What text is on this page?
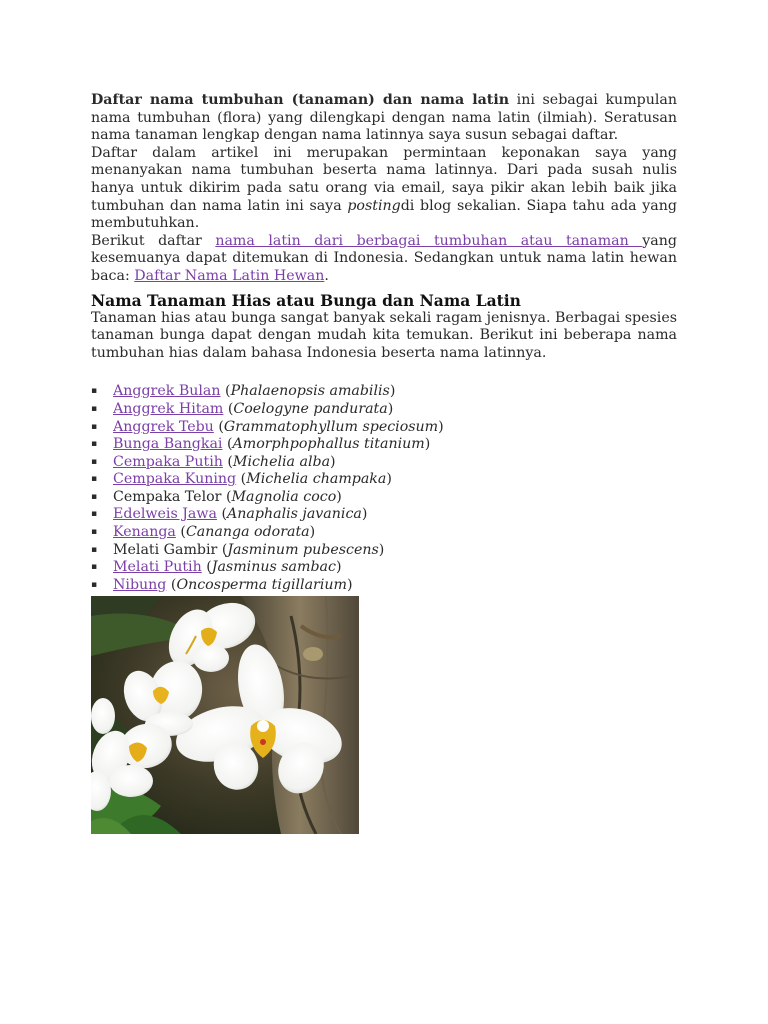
Daftar nama tumbuhan (tanaman) dan nama latin ini sebagai kumpulan nama tumbuhan (flora) yang dilengkapi dengan nama latin (ilmiah). Seratusan nama tanaman lengkap dengan nama latinnya saya susun sebagai daftar.

Daftar dalam artikel ini merupakan permintaan keponakan saya yang menanyakan nama tumbuhan beserta nama latinnya. Dari pada susah nulis hanya untuk dikirim pada satu orang via email, saya pikir akan lebih baik jika tumbuhan dan nama latin ini saya postingdi blog sekalian. Siapa tahu ada yang membutuhkan.

Berikut daftar nama latin dari berbagai tumbuhan atau tanaman yang kesemuanya dapat ditemukan di Indonesia. Sedangkan untuk nama latin hewan baca: Daftar Nama Latin Hewan.

Nama Tanaman Hias atau Bunga dan Nama Latin

Tanaman hias atau bunga sangat banyak sekali ragam jenisnya. Berbagai spesies tanaman bunga dapat dengan mudah kita temukan. Berikut ini beberapa nama tumbuhan hias dalam bahasa Indonesia beserta nama latinnya.

▪ Anggrek Bulan (Phalaenopsis amabilis)
▪ Anggrek Hitam (Coelogyne pandurata)
▪ Anggrek Tebu (Grammatophyllum speciosum)
▪ Bunga Bangkai (Amorphpophallus titanium)
▪ Cempaka Putih (Michelia alba)
▪ Cempaka Kuning (Michelia champaka)
▪ Cempaka Telor (Magnolia coco)
▪ Edelweis Jawa (Anaphalis javanica)
▪ Kenanga (Cananga odorata)
▪ Melati Gambir (Jasminum pubescens)
▪ Melati Putih (Jasminus sambac)
▪ Nibung (Oncosperma tigillarium)
